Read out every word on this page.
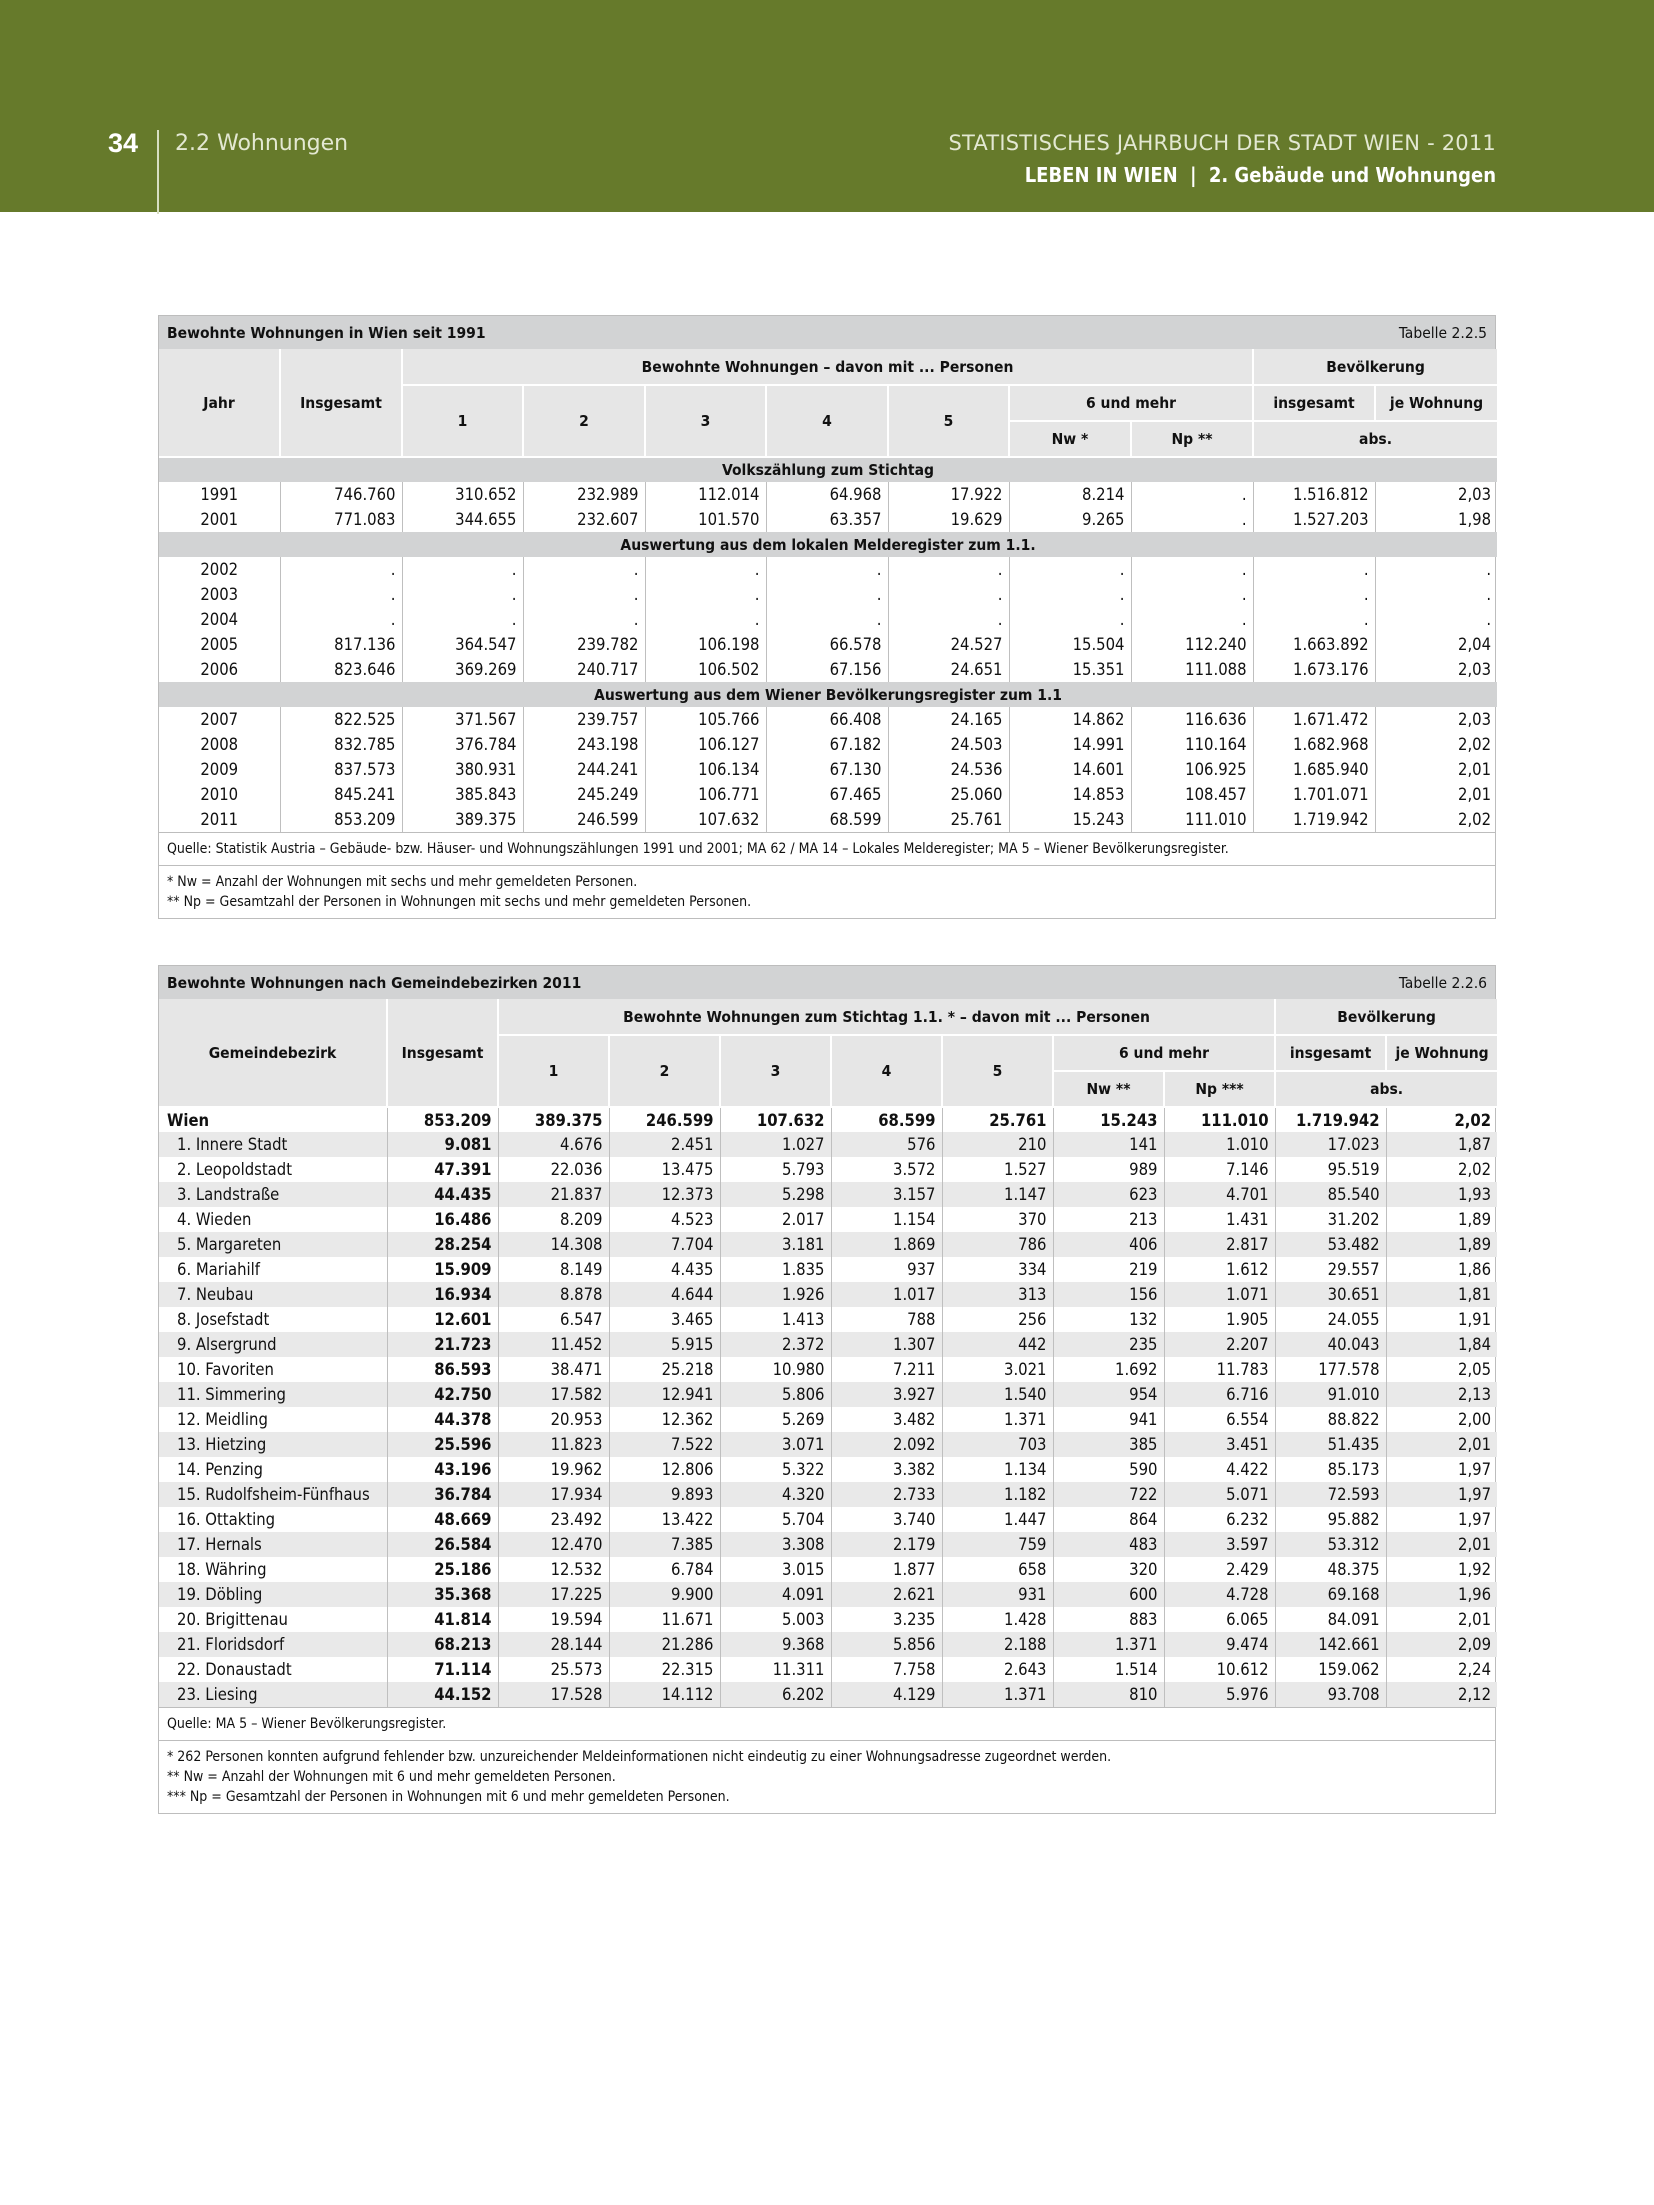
34 2.2 Wohnungen	STATISTISCHES JAHRBUCH DER STADT WIEN - 2011
LEBEN IN WIEN | 2. Gebäude und Wohnungen
Bewohnte Wohnungen in Wien seit 1991	Tabelle 2.2.5
Jahr	Insgesamt	Bewohnte Wohnungen – davon mit ... Personen							Bevölkerung	
		1	2	3	4	5	6 und mehr		insgesamt	je Wohnung
							Nw *	Np **	abs.	
Volkszählung zum Stichtag										
1991	746.760	310.652	232.989	112.014	64.968	17.922	8.214	.	1.516.812	2,03
2001	771.083	344.655	232.607	101.570	63.357	19.629	9.265	.	1.527.203	1,98
Auswertung aus dem lokalen Melderegister zum 1.1.										
2002	.	.	.	.	.	.	.	.	.	.
2003	.	.	.	.	.	.	.	.	.	.
2004	.	.	.	.	.	.	.	.	.	.
2005	817.136	364.547	239.782	106.198	66.578	24.527	15.504	112.240	1.663.892	2,04
2006	823.646	369.269	240.717	106.502	67.156	24.651	15.351	111.088	1.673.176	2,03
Auswertung aus dem Wiener Bevölkerungsregister zum 1.1										
2007	822.525	371.567	239.757	105.766	66.408	24.165	14.862	116.636	1.671.472	2,03
2008	832.785	376.784	243.198	106.127	67.182	24.503	14.991	110.164	1.682.968	2,02
2009	837.573	380.931	244.241	106.134	67.130	24.536	14.601	106.925	1.685.940	2,01
2010	845.241	385.843	245.249	106.771	67.465	25.060	14.853	108.457	1.701.071	2,01
2011	853.209	389.375	246.599	107.632	68.599	25.761	15.243	111.010	1.719.942	2,02
Quelle: Statistik Austria – Gebäude- bzw. Häuser- und Wohnungszählungen 1991 und 2001; MA 62 / MA 14 – Lokales Melderegister; MA 5 – Wiener Bevölkerungsregister.
* Nw = Anzahl der Wohnungen mit sechs und mehr gemeldeten Personen.
** Np = Gesamtzahl der Personen in Wohnungen mit sechs und mehr gemeldeten Personen.
Bewohnte Wohnungen nach Gemeindebezirken 2011	Tabelle 2.2.6
Gemeindebezirk	Insgesamt	Bewohnte Wohnungen zum Stichtag 1.1. * – davon mit ... Personen							Bevölkerung	
		1	2	3	4	5	6 und mehr		insgesamt	je Wohnung
							Nw **	Np ***	abs.	
Wien	853.209	389.375	246.599	107.632	68.599	25.761	15.243	111.010	1.719.942	2,02
1. Innere Stadt	9.081	4.676	2.451	1.027	576	210	141	1.010	17.023	1,87
2. Leopoldstadt	47.391	22.036	13.475	5.793	3.572	1.527	989	7.146	95.519	2,02
3. Landstraße	44.435	21.837	12.373	5.298	3.157	1.147	623	4.701	85.540	1,93
4. Wieden	16.486	8.209	4.523	2.017	1.154	370	213	1.431	31.202	1,89
5. Margareten	28.254	14.308	7.704	3.181	1.869	786	406	2.817	53.482	1,89
6. Mariahilf	15.909	8.149	4.435	1.835	937	334	219	1.612	29.557	1,86
7. Neubau	16.934	8.878	4.644	1.926	1.017	313	156	1.071	30.651	1,81
8. Josefstadt	12.601	6.547	3.465	1.413	788	256	132	1.905	24.055	1,91
9. Alsergrund	21.723	11.452	5.915	2.372	1.307	442	235	2.207	40.043	1,84
10. Favoriten	86.593	38.471	25.218	10.980	7.211	3.021	1.692	11.783	177.578	2,05
11. Simmering	42.750	17.582	12.941	5.806	3.927	1.540	954	6.716	91.010	2,13
12. Meidling	44.378	20.953	12.362	5.269	3.482	1.371	941	6.554	88.822	2,00
13. Hietzing	25.596	11.823	7.522	3.071	2.092	703	385	3.451	51.435	2,01
14. Penzing	43.196	19.962	12.806	5.322	3.382	1.134	590	4.422	85.173	1,97
15. Rudolfsheim-Fünfhaus	36.784	17.934	9.893	4.320	2.733	1.182	722	5.071	72.593	1,97
16. Ottakting	48.669	23.492	13.422	5.704	3.740	1.447	864	6.232	95.882	1,97
17. Hernals	26.584	12.470	7.385	3.308	2.179	759	483	3.597	53.312	2,01
18. Währing	25.186	12.532	6.784	3.015	1.877	658	320	2.429	48.375	1,92
19. Döbling	35.368	17.225	9.900	4.091	2.621	931	600	4.728	69.168	1,96
20. Brigittenau	41.814	19.594	11.671	5.003	3.235	1.428	883	6.065	84.091	2,01
21. Floridsdorf	68.213	28.144	21.286	9.368	5.856	2.188	1.371	9.474	142.661	2,09
22. Donaustadt	71.114	25.573	22.315	11.311	7.758	2.643	1.514	10.612	159.062	2,24
23. Liesing	44.152	17.528	14.112	6.202	4.129	1.371	810	5.976	93.708	2,12
Quelle: MA 5 – Wiener Bevölkerungsregister.
* 262 Personen konnten aufgrund fehlender bzw. unzureichender Meldeinformationen nicht eindeutig zu einer Wohnungsadresse zugeordnet werden.
** Nw = Anzahl der Wohnungen mit 6 und mehr gemeldeten Personen.
*** Np = Gesamtzahl der Personen in Wohnungen mit 6 und mehr gemeldeten Personen.
